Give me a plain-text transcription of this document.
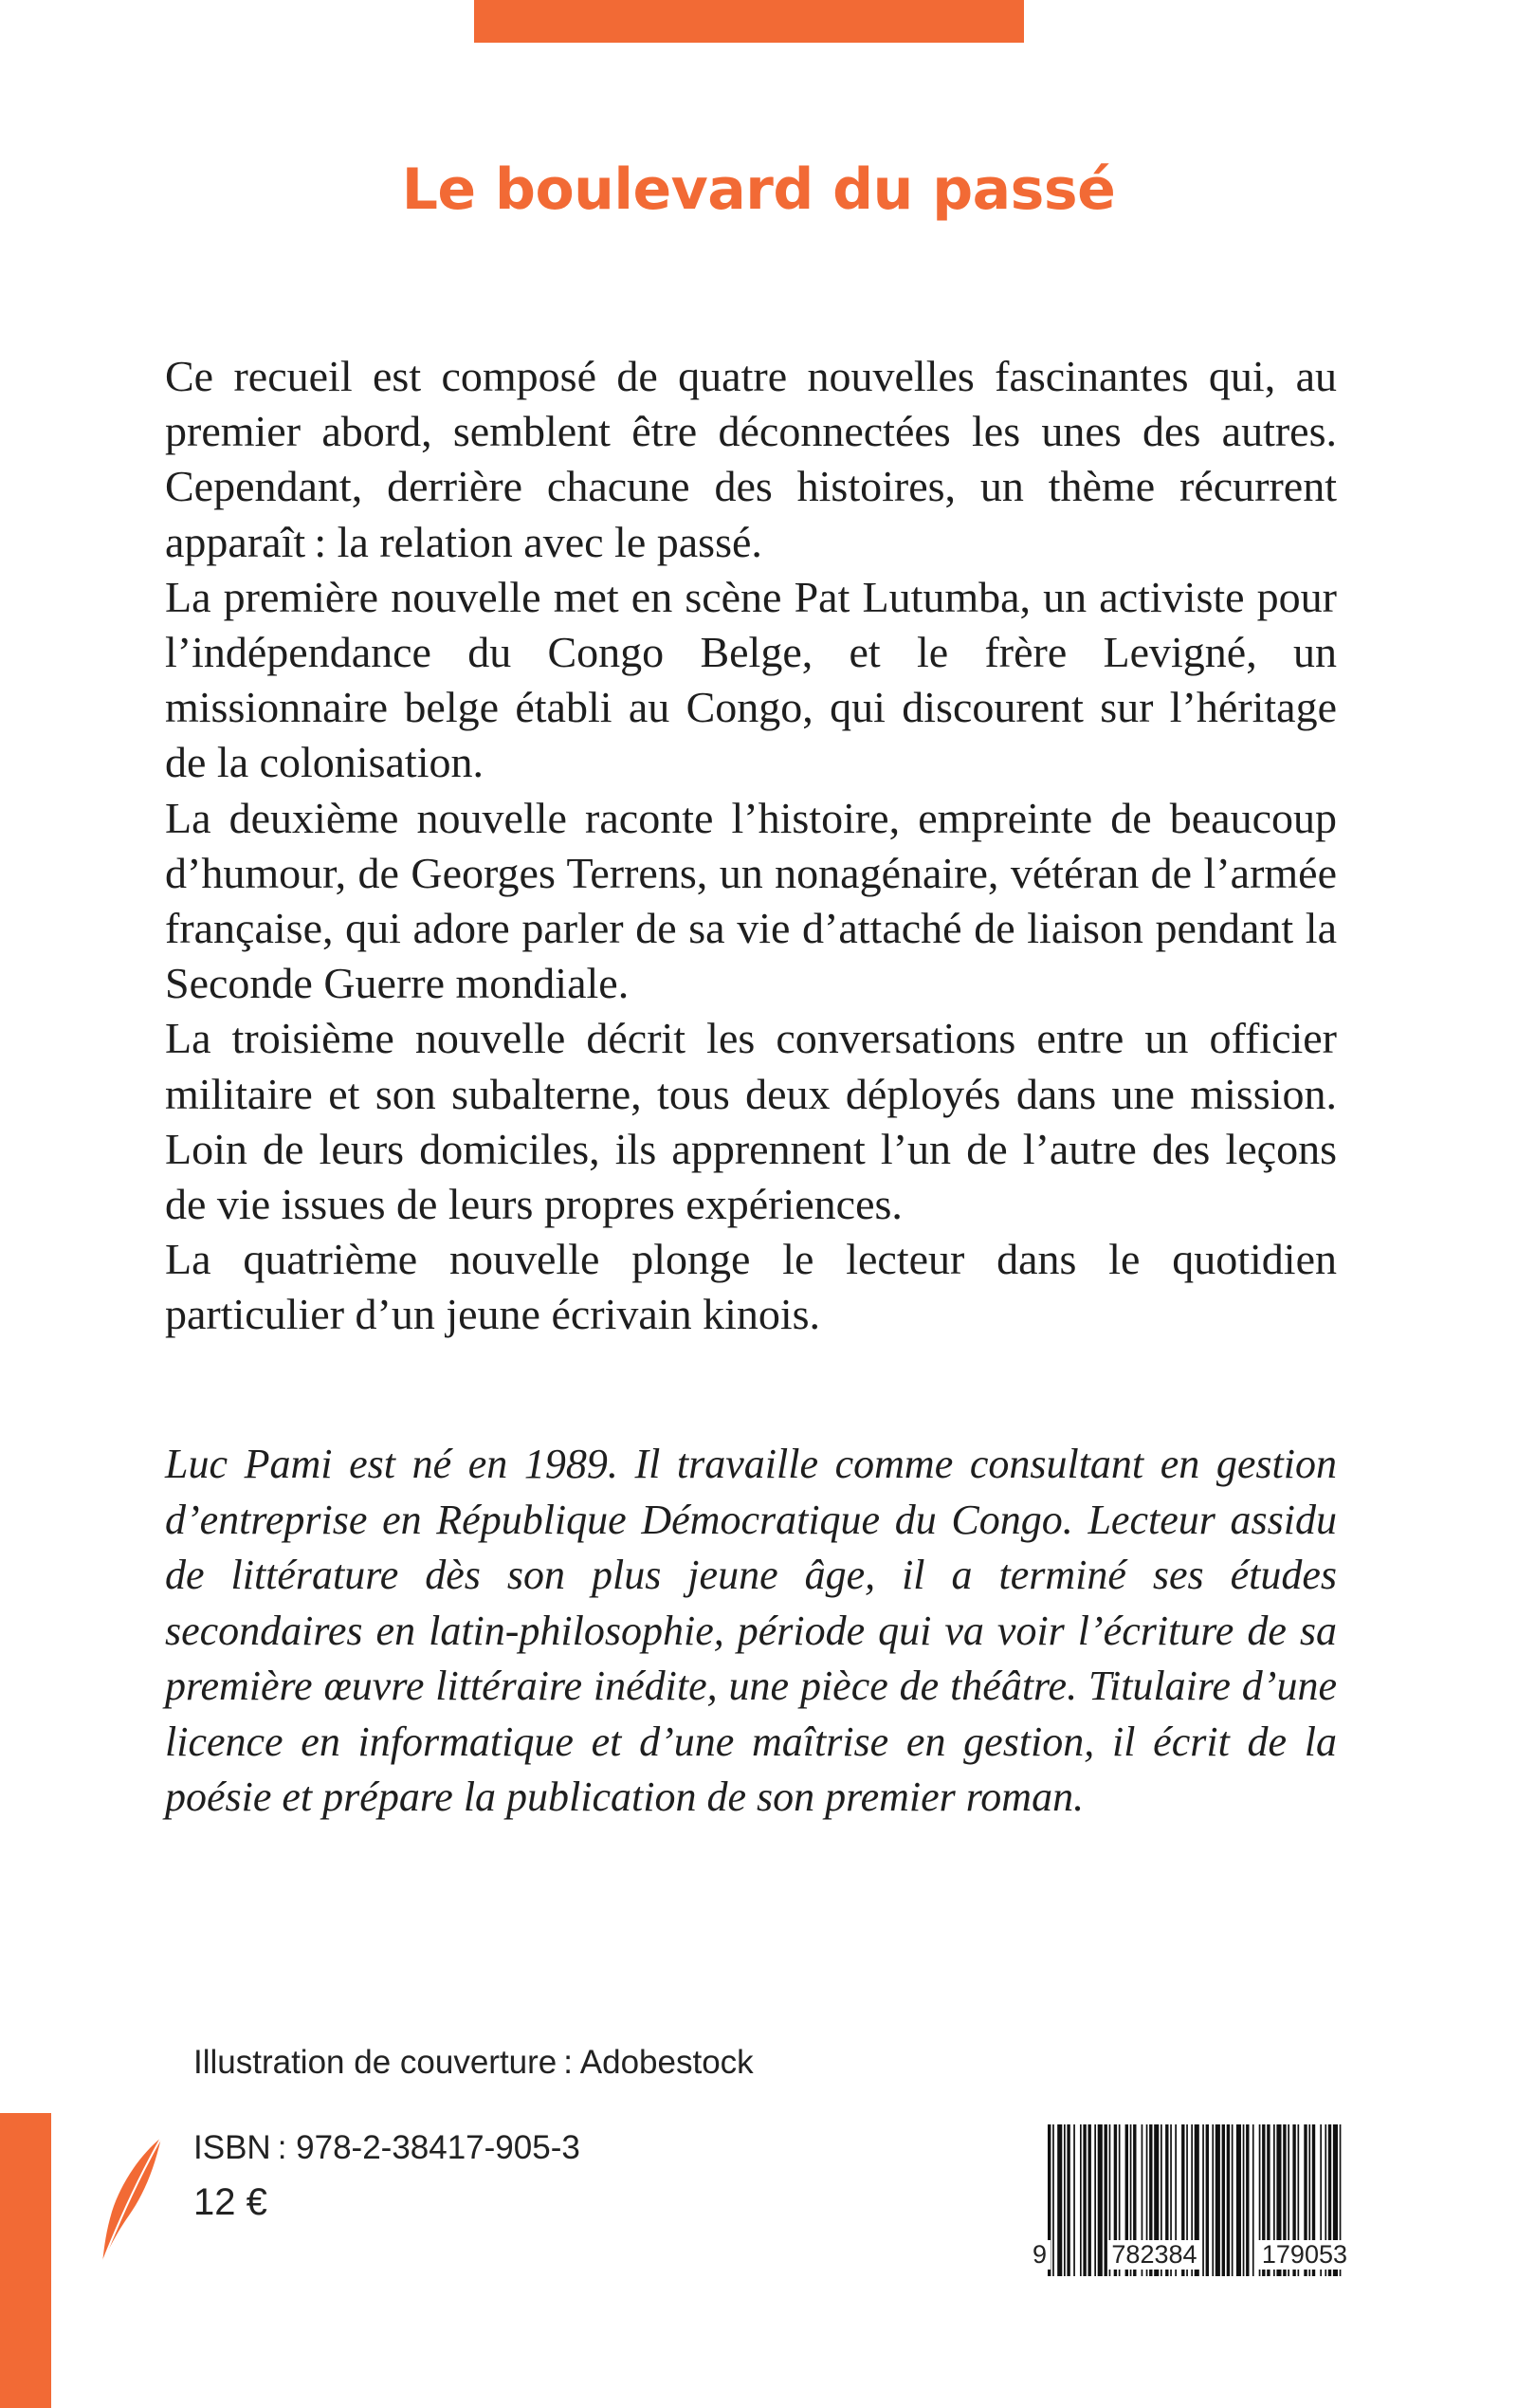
Le boulevard du passé

Ce recueil est composé de quatre nouvelles fascinantes qui, au premier abord, semblent être déconnectées les unes des autres. Cependant, derrière chacune des histoires, un thème récurrent apparaît : la relation avec le passé.

La première nouvelle met en scène Pat Lutumba, un activiste pour l’indépendance du Congo Belge, et le frère Levigné, un missionnaire belge établi au Congo, qui discourent sur l’héritage de la colonisation.

La deuxième nouvelle raconte l’histoire, empreinte de beaucoup d’humour, de Georges Terrens, un nonagénaire, vétéran de l’armée française, qui adore parler de sa vie d’attaché de liaison pendant la Seconde Guerre mondiale.

La troisième nouvelle décrit les conversations entre un officier militaire et son subalterne, tous deux déployés dans une mission. Loin de leurs domiciles, ils apprennent l’un de l’autre des leçons de vie issues de leurs propres expériences.

La quatrième nouvelle plonge le lecteur dans le quotidien particulier d’un jeune écrivain kinois.

Luc Pami est né en 1989. Il travaille comme consultant en gestion d’entreprise en République Démocratique du Congo. Lecteur assidu de littérature dès son plus jeune âge, il a terminé ses études secondaires en latin-philosophie, période qui va voir l’écriture de sa première œuvre littéraire inédite, une pièce de théâtre. Titulaire d’une licence en informatique et d’une maîtrise en gestion, il écrit de la poésie et prépare la publication de son premier roman.

Illustration de couverture : Adobestock
ISBN : 978-2-38417-905-3
12 €
9	782384	179053
